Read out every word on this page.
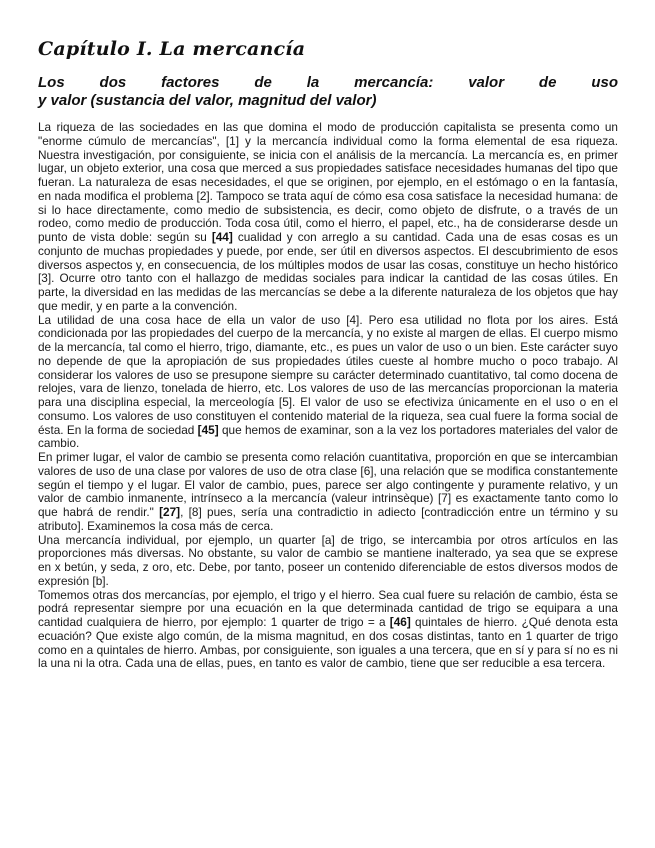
Capítulo I. La mercancía
Los dos factores de la mercancía: valor de uso
y valor (sustancia del valor, magnitud del valor)

La riqueza de las sociedades en las que domina el modo de producción capitalista se presenta como un "enorme cúmulo de mercancías", [1] y la mercancía individual como la forma elemental de esa riqueza. Nuestra investigación, por consiguiente, se inicia con el análisis de la mercancía. La mercancía es, en primer lugar, un objeto exterior, una cosa que merced a sus propiedades satisface necesidades humanas del tipo que fueran. La naturaleza de esas necesidades, el que se originen, por ejemplo, en el estómago o en la fantasía, en nada modifica el problema [2]. Tampoco se trata aquí de cómo esa cosa satisface la necesidad humana: de si lo hace directamente, como medio de subsistencia, es decir, como objeto de disfrute, o a través de un rodeo, como medio de producción. Toda cosa útil, como el hierro, el papel, etc., ha de considerarse desde un punto de vista doble: según su [44] cualidad y con arreglo a su cantidad. Cada una de esas cosas es un conjunto de muchas propiedades y puede, por ende, ser útil en diversos aspectos. El descubrimiento de esos diversos aspectos y, en consecuencia, de los múltiples modos de usar las cosas, constituye un hecho histórico [3]. Ocurre otro tanto con el hallazgo de medidas sociales para indicar la cantidad de las cosas útiles. En parte, la diversidad en las medidas de las mercancías se debe a la diferente naturaleza de los objetos que hay que medir, y en parte a la convención.

La utilidad de una cosa hace de ella un valor de uso [4]. Pero esa utilidad no flota por los aires. Está condicionada por las propiedades del cuerpo de la mercancía, y no existe al margen de ellas. El cuerpo mismo de la mercancía, tal como el hierro, trigo, diamante, etc., es pues un valor de uso o un bien. Este carácter suyo no depende de que la apropiación de sus propiedades útiles cueste al hombre mucho o poco trabajo. Al considerar los valores de uso se presupone siempre su carácter determinado cuantitativo, tal como docena de relojes, vara de lienzo, tonelada de hierro, etc. Los valores de uso de las mercancías proporcionan la materia para una disciplina especial, la merceología [5]. El valor de uso se efectiviza únicamente en el uso o en el consumo. Los valores de uso constituyen el contenido material de la riqueza, sea cual fuere la forma social de ésta. En la forma de sociedad [45] que hemos de examinar, son a la vez los portadores materiales del valor de cambio.

En primer lugar, el valor de cambio se presenta como relación cuantitativa, proporción en que se intercambian valores de uso de una clase por valores de uso de otra clase [6], una relación que se modifica constantemente según el tiempo y el lugar. El valor de cambio, pues, parece ser algo contingente y puramente relativo, y un valor de cambio inmanente, intrínseco a la mercancía (valeur intrinsèque) [7] es exactamente tanto como lo que habrá de rendir." [27], [8] pues, sería una contradictio in adiecto [contradicción entre un término y su atributo]. Examinemos la cosa más de cerca.

Una mercancía individual, por ejemplo, un quarter [a] de trigo, se intercambia por otros artículos en las proporciones más diversas. No obstante, su valor de cambio se mantiene inalterado, ya sea que se exprese en x betún, y seda, z oro, etc. Debe, por tanto, poseer un contenido diferenciable de estos diversos modos de expresión [b].

Tomemos otras dos mercancías, por ejemplo, el trigo y el hierro. Sea cual fuere su relación de cambio, ésta se podrá representar siempre por una ecuación en la que determinada cantidad de trigo se equipara a una cantidad cualquiera de hierro, por ejemplo: 1 quarter de trigo = a [46] quintales de hierro. ¿Qué denota esta ecuación? Que existe algo común, de la misma magnitud, en dos cosas distintas, tanto en 1 quarter de trigo como en a quintales de hierro. Ambas, por consiguiente, son iguales a una tercera, que en sí y para sí no es ni la una ni la otra. Cada una de ellas, pues, en tanto es valor de cambio, tiene que ser reducible a esa tercera.
